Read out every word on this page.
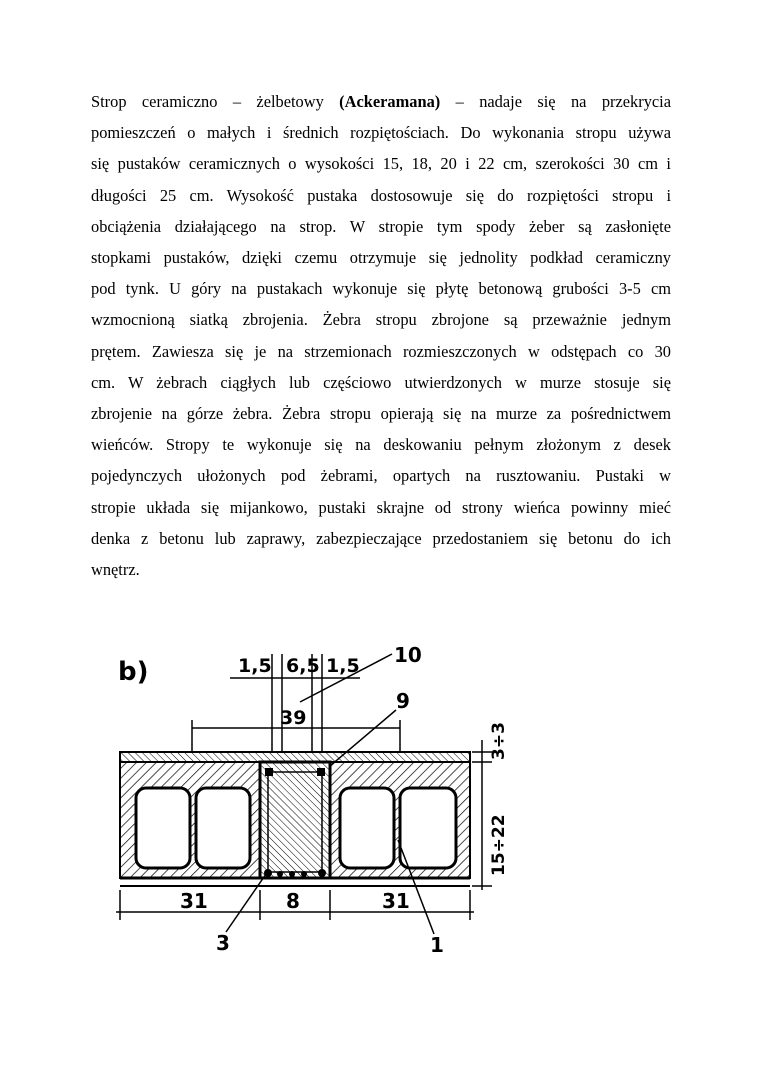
Strop ceramiczno – żelbetowy (Ackeramana) – nadaje się na przekrycia
pomieszczeń o małych i średnich rozpiętościach. Do wykonania stropu używa
się pustaków ceramicznych o wysokości 15, 18, 20 i 22 cm, szerokości 30 cm i
długości 25 cm. Wysokość pustaka dostosowuje się do rozpiętości stropu i
obciążenia działającego na strop. W stropie tym spody żeber są zasłonięte
stopkami pustaków, dzięki czemu otrzymuje się jednolity podkład ceramiczny
pod tynk. U góry na pustakach wykonuje się płytę betonową grubości 3-5 cm
wzmocnioną siatką zbrojenia. Żebra stropu zbrojone są przeważnie jednym
prętem. Zawiesza się je na strzemionach rozmieszczonych w odstępach co 30
cm. W żebrach ciągłych lub częściowo utwierdzonych w murze stosuje się
zbrojenie na górze żebra. Żebra stropu opierają się na murze za pośrednictwem
wieńców. Stropy te wykonuje się na deskowaniu pełnym złożonym z desek
pojedynczych ułożonych pod żebrami, opartych na rusztowaniu. Pustaki w
stropie układa się mijankowo, pustaki skrajne od strony wieńca powinny mieć
denka z betonu lub zaprawy, zabezpieczające przedostaniem się betonu do ich
wnętrz.
b)	1,5 6,5 1,5
39
3÷3
15÷22
31	8	31
10
9
3	1
